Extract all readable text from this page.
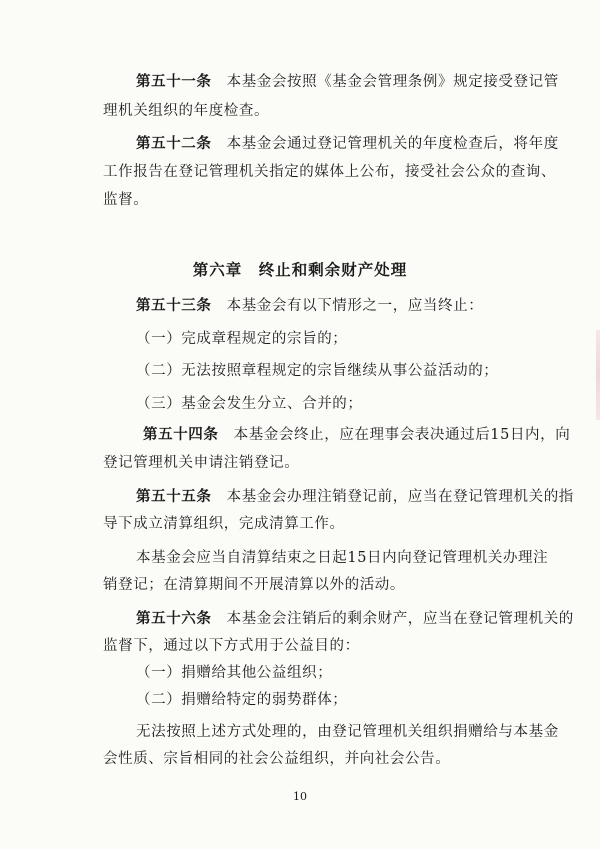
第五十一条　 本基金会按照《基金会管理条例》规定接受登记管
理机关组织的年度检查。
第五十二条　 本基金会通过登记管理机关的年度检查后，将年度
工作报告在登记管理机关指定的媒体上公布，接受社会公众的查询、
监督。
第六章　终止和剩余财产处理
第五十三条　 本基金会有以下情形之一，应当终止：
（一）完成章程规定的宗旨的；
（二）无法按照章程规定的宗旨继续从事公益活动的；
（三）基金会发生分立、合并的；
第五十四条　 本基金会终止，应在理事会表决通过后15日内，向
登记管理机关申请注销登记。
第五十五条　 本基金会办理注销登记前，应当在登记管理机关的指
导下成立清算组织，完成清算工作。
本基金会应当自清算结束之日起15日内向登记管理机关办理注
销登记；在清算期间不开展清算以外的活动。
第五十六条　 本基金会注销后的剩余财产，应当在登记管理机关的
监督下，通过以下方式用于公益目的：
（一）捐赠给其他公益组织；
（二）捐赠给特定的弱势群体；
无法按照上述方式处理的，由登记管理机关组织捐赠给与本基金
会性质、宗旨相同的社会公益组织，并向社会公告。
10
